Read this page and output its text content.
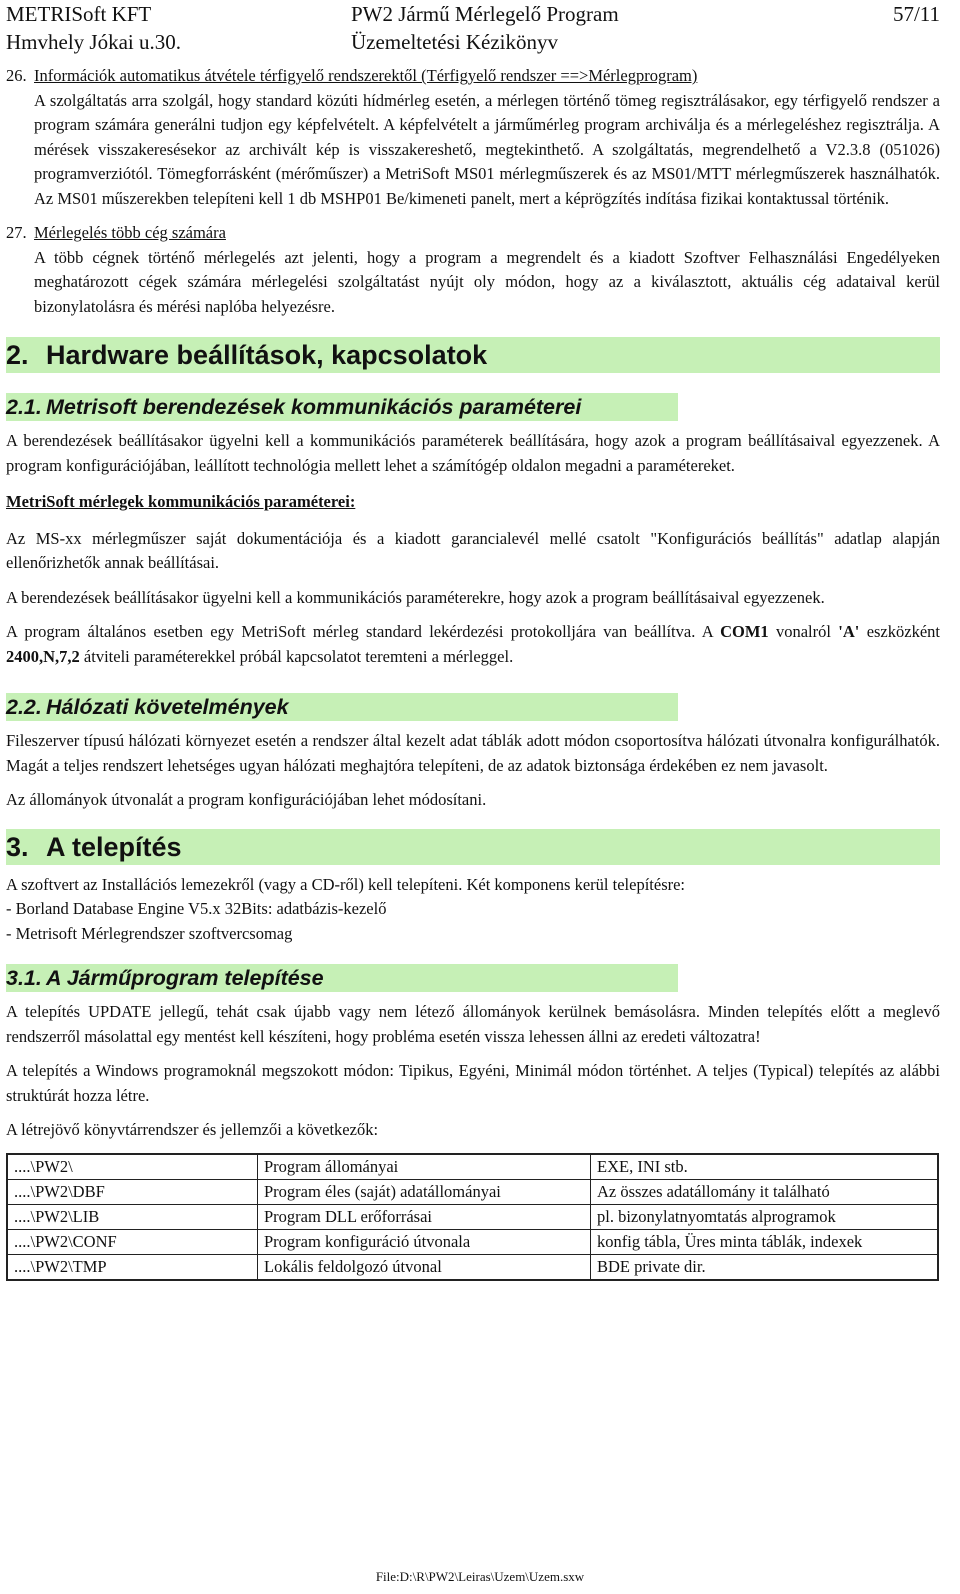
METRISoft KFT
Hmvhely Jókai u.30.
PW2 Jármű Mérlegelő Program
Üzemeltetési Kézikönyv
57/11

26. Információk automatikus átvétele térfigyelő rendszerektől (Térfigyelő rendszer ==>Mérlegprogram)

A szolgáltatás arra szolgál, hogy standard közúti hídmérleg esetén, a mérlegen történő tömeg regisztrálásakor, egy térfigyelő rendszer a program számára generálni tudjon egy képfelvételt. A képfelvételt a járműmérleg program archiválja és a mérlegeléshez regisztrálja. A mérések visszakeresésekor az archivált kép is visszakereshető, megtekinthető. A szolgáltatás, megrendelhető a V2.3.8 (051026) programverziótól. Tömegforrásként (mérőműszer) a MetriSoft MS01 mérlegműszerek és az MS01/MTT mérlegműszerek használhatók. Az MS01 műszerekben telepíteni kell 1 db MSHP01 Be/kimeneti panelt, mert a képrögzítés indítása fizikai kontaktussal történik.

27. Mérlegelés több cég számára

A több cégnek történő mérlegelés azt jelenti, hogy a program a megrendelt és a kiadott Szoftver Felhasználási Engedélyeken meghatározott cégek számára mérlegelési szolgáltatást nyújt oly módon, hogy az a kiválasztott, aktuális cég adataival kerül bizonylatolásra és mérési naplóba helyezésre.

2. Hardware beállítások, kapcsolatok
2.1. Metrisoft berendezések kommunikációs paraméterei

A berendezések beállításakor ügyelni kell a kommunikációs paraméterek beállítására, hogy azok a program beállításaival egyezzenek. A program konfigurációjában, leállított technológia mellett lehet a számítógép oldalon megadni a paramétereket.

MetriSoft mérlegek kommunikációs paraméterei:

Az MS-xx mérlegműszer saját dokumentációja és a kiadott garancialevél mellé csatolt "Konfigurációs beállítás" adatlap alapján ellenőrizhetők annak beállításai.

A berendezések beállításakor ügyelni kell a kommunikációs paraméterekre, hogy azok a program beállításaival egyezzenek.

A program általános esetben egy MetriSoft mérleg standard lekérdezési protokolljára van beállítva. A COM1 vonalról 'A' eszközként 2400,N,7,2 átviteli paraméterekkel próbál kapcsolatot teremteni a mérleggel.

2.2. Hálózati követelmények

Fileszerver típusú hálózati környezet esetén a rendszer által kezelt adat táblák adott módon csoportosítva hálózati útvonalra konfigurálhatók. Magát a teljes rendszert lehetséges ugyan hálózati meghajtóra telepíteni, de az adatok biztonsága érdekében ez nem javasolt.

Az állományok útvonalát a program konfigurációjában lehet módosítani.

3. A telepítés

A szoftvert az Installációs lemezekről (vagy a CD-ről) kell telepíteni. Két komponens kerül telepítésre:

- Borland Database Engine V5.x 32Bits: adatbázis-kezelő

- Metrisoft Mérlegrendszer szoftvercsomag

3.1. A Járműprogram telepítése

A telepítés UPDATE jellegű, tehát csak újabb vagy nem létező állományok kerülnek bemásolásra. Minden telepítés előtt a meglevő rendszerről másolattal egy mentést kell készíteni, hogy probléma esetén vissza lehessen állni az eredeti változatra!

A telepítés a Windows programoknál megszokott módon: Tipikus, Egyéni, Minimál módon történhet. A teljes (Typical) telepítés az alábbi struktúrát hozza létre.

A létrejövő könyvtárrendszer és jellemzői a következők:

....\PW2\	Program állományai	EXE, INI stb.
....\PW2\DBF	Program éles (saját) adatállományai	Az összes adatállomány it található
....\PW2\LIB	Program DLL erőforrásai	pl. bizonylatnyomtatás alprogramok
....\PW2\CONF	Program konfiguráció útvonala	konfig tábla, Üres minta táblák, indexek
....\PW2\TMP	Lokális feldolgozó útvonal	BDE private dir.
File:D:\R\PW2\Leiras\Uzem\Uzem.sxw
